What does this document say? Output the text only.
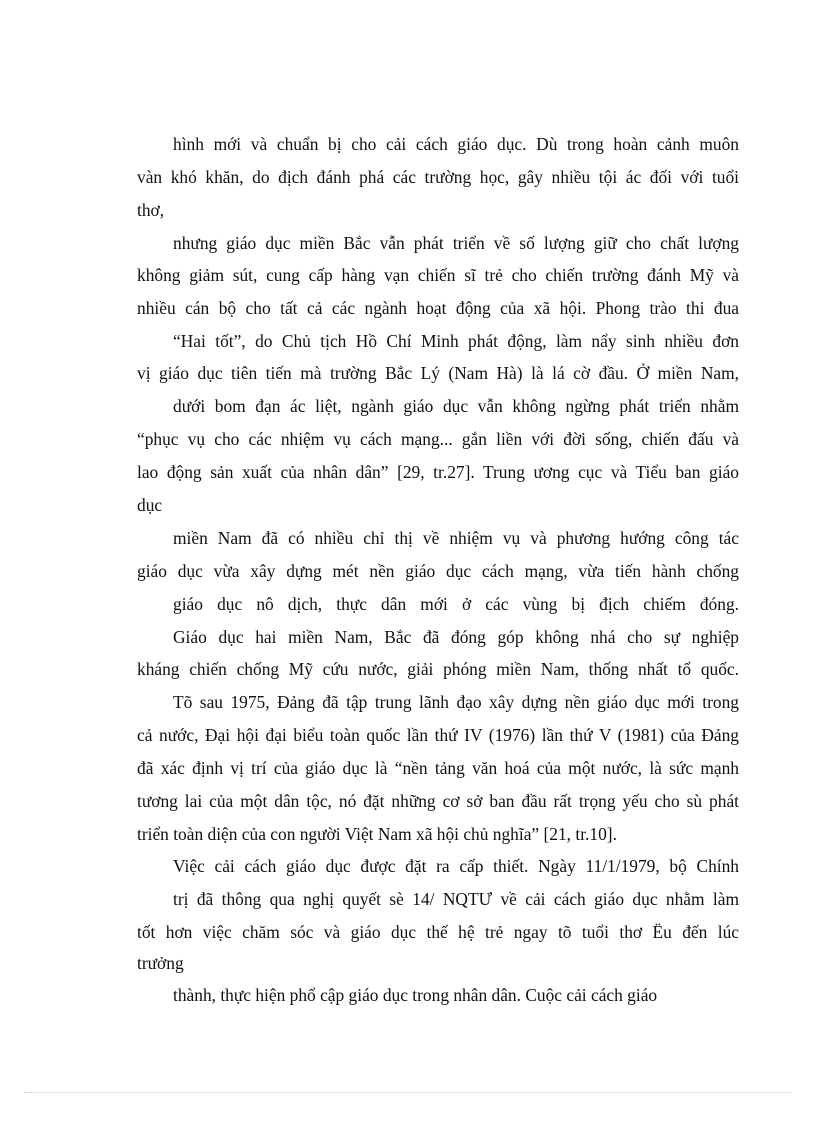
hình mới và chuẩn bị cho cải cách giáo dục. Dù trong hoàn cảnh muôn
vàn khó khăn, do địch đánh phá các trường học, gây nhiều tội ác đối với tuổi
thơ,
nhưng giáo dục miền Bắc vẫn phát triển về số lượng giữ cho chất lượng
không giảm sút, cung cấp hàng vạn chiến sĩ trẻ cho chiến trường đánh Mỹ và
nhiều cán bộ cho tất cả các ngành hoạt động của xã hội. Phong trào thi đua
“Hai tốt”, do Chủ tịch Hồ Chí Minh phát động, làm nẩy sinh nhiều đơn
vị giáo dục tiên tiến mà trường Bắc Lý (Nam Hà) là lá cờ đầu. Ở miền Nam,
dưới bom đạn ác liệt, ngành giáo dục vẫn không ngừng phát triển nhằm
“phục vụ cho các nhiệm vụ cách mạng... gắn liền với đời sống, chiến đấu và
lao động sản xuất của nhân dân” [29, tr.27]. Trung ương cục và Tiểu ban giáo
dục
miền Nam đã có nhiều chỉ thị về nhiệm vụ và phương hướng công tác
giáo dục vừa xây dựng mét nền giáo dục cách mạng, vừa tiến hành chống
giáo dục nô dịch, thực dân mới ở các vùng bị địch chiếm đóng.
Giáo dục hai miền Nam, Bắc đã đóng góp không nhá cho sự nghiệp
kháng chiến chống Mỹ cứu nước, giải phóng miền Nam, thống nhất tổ quốc.
Tõ sau 1975, Đảng đã tập trung lãnh đạo xây dựng nền giáo dục mới trong
cả nước, Đại hội đại biểu toàn quốc lần thứ IV (1976) lần thứ V (1981) của Đảng
đã xác định vị trí của giáo dục là “nền tảng văn hoá của một nước, là sức mạnh
tương lai của một dân tộc, nó đặt những cơ sở ban đầu rất trọng yếu cho sù phát
triển toàn diện của con người Việt Nam xã hội chủ nghĩa” [21, tr.10].
Việc cải cách giáo dục được đặt ra cấp thiết. Ngày 11/1/1979, bộ Chính
trị đã thông qua nghị quyết sè 14/ NQTƯ về cải cách giáo dục nhằm làm
tốt hơn việc chăm sóc và giáo dục thế hệ trẻ ngay tõ tuổi thơ Ëu đến lúc
trưởng
thành, thực hiện phổ cập giáo dục trong nhân dân. Cuộc cải cách giáo
